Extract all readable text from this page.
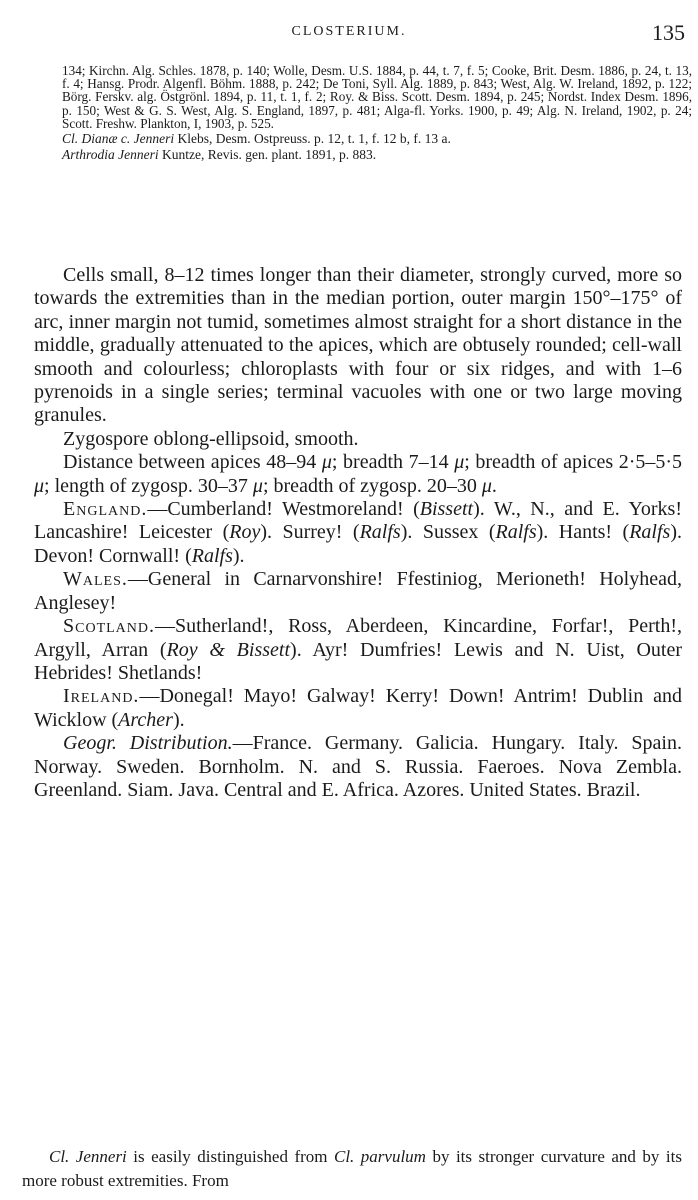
CLOSTERIUM.	135
134; Kirchn. Alg. Schles. 1878, p. 140; Wolle, Desm. U.S. 1884, p. 44, t. 7, f. 5; Cooke, Brit. Desm. 1886, p. 24, t. 13, f. 4; Hansg. Prodr. Algenfl. Böhm. 1888, p. 242; De Toni, Syll. Alg. 1889, p. 843; West, Alg. W. Ireland, 1892, p. 122; Börg. Ferskv. alg. Östgrönl. 1894, p. 11, t. 1, f. 2; Roy. & Biss. Scott. Desm. 1894, p. 245; Nordst. Index Desm. 1896, p. 150; West & G. S. West, Alg. S. England, 1897, p. 481; Alga-fl. Yorks. 1900, p. 49; Alg. N. Ireland, 1902, p. 24; Scott. Freshw. Plankton, I, 1903, p. 525.
Cl. Dianæ c. Jenneri Klebs, Desm. Ostpreuss. p. 12, t. 1, f. 12 b, f. 13 a.
Arthrodia Jenneri Kuntze, Revis. gen. plant. 1891, p. 883.

Cells small, 8–12 times longer than their diameter, strongly curved, more so towards the extremities than in the median portion, outer margin 150°–175° of arc, inner margin not tumid, sometimes almost straight for a short distance in the middle, gradually attenuated to the apices, which are obtusely rounded; cell-wall smooth and colourless; chloroplasts with four or six ridges, and with 1–6 pyrenoids in a single series; terminal vacuoles with one or two large moving granules.

Zygospore oblong-ellipsoid, smooth.

Distance between apices 48–94 μ; breadth 7–14 μ; breadth of apices 2·5–5·5 μ; length of zygosp. 30–37 μ; breadth of zygosp. 20–30 μ.

England.—Cumberland! Westmoreland! (Bissett). W., N., and E. Yorks! Lancashire! Leicester (Roy). Surrey! (Ralfs). Sussex (Ralfs). Hants! (Ralfs). Devon! Cornwall! (Ralfs).

Wales.—General in Carnarvonshire! Ffestiniog, Merioneth! Holyhead, Anglesey!

Scotland.—Sutherland!, Ross, Aberdeen, Kincardine, Forfar!, Perth!, Argyll, Arran (Roy & Bissett). Ayr! Dumfries! Lewis and N. Uist, Outer Hebrides! Shetlands!

Ireland.—Donegal! Mayo! Galway! Kerry! Down! Antrim! Dublin and Wicklow (Archer).

Geogr. Distribution.—France. Germany. Galicia. Hungary. Italy. Spain. Norway. Sweden. Bornholm. N. and S. Russia. Faeroes. Nova Zembla. Greenland. Siam. Java. Central and E. Africa. Azores. United States. Brazil.

Cl. Jenneri is easily distinguished from Cl. parvulum by its stronger curvature and by its more robust extremities. From
